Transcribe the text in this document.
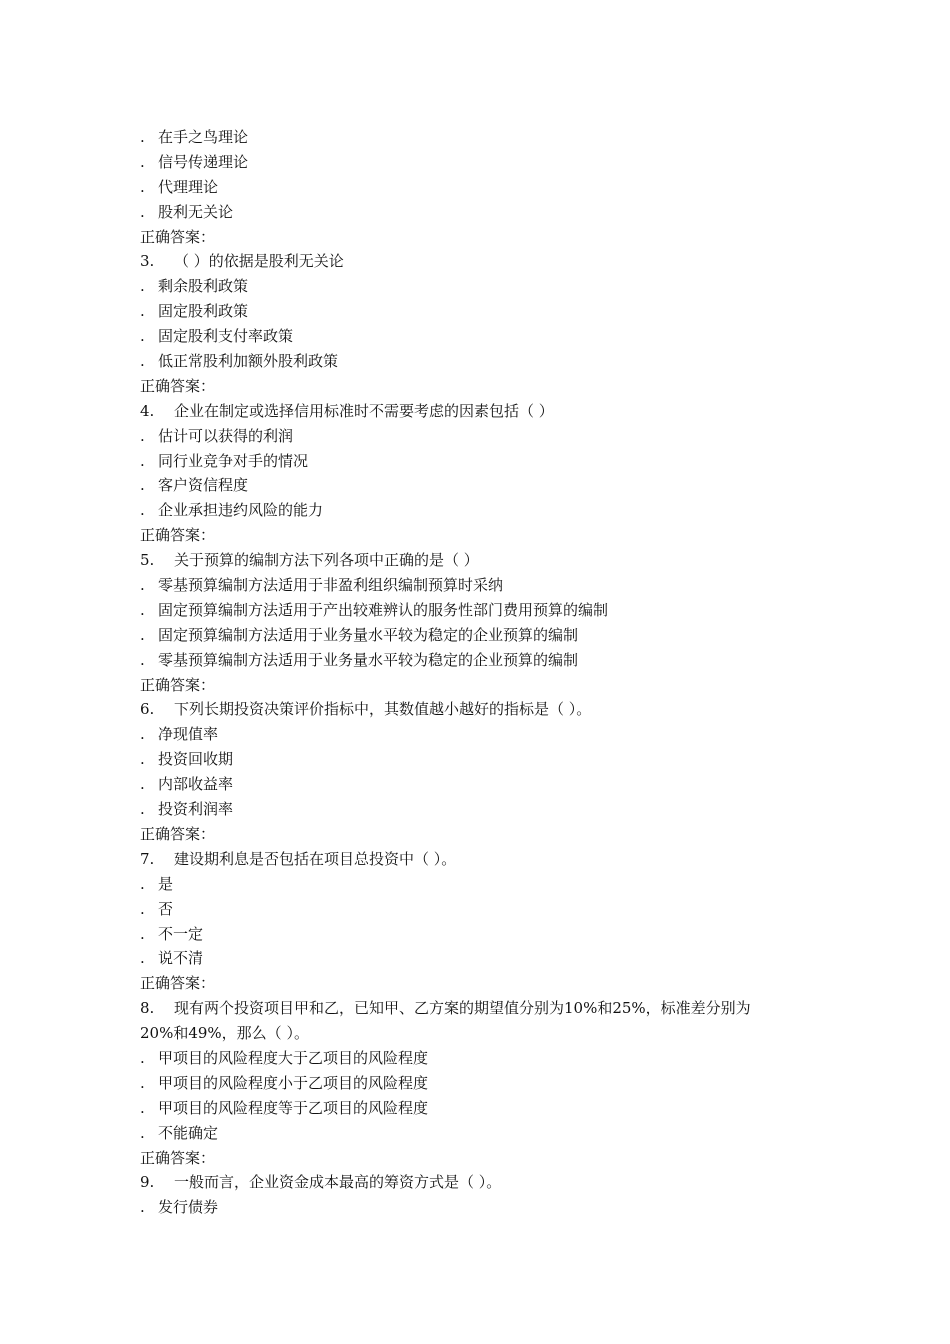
. 在手之鸟理论
. 信号传递理论
. 代理理论
. 股利无关论
正确答案：
3. （ ）的依据是股利无关论
. 剩余股利政策
. 固定股利政策
. 固定股利支付率政策
. 低正常股利加额外股利政策
正确答案：
4. 企业在制定或选择信用标准时不需要考虑的因素包括（ ）
. 估计可以获得的利润
. 同行业竞争对手的情况
. 客户资信程度
. 企业承担违约风险的能力
正确答案：
5. 关于预算的编制方法下列各项中正确的是（ ）
. 零基预算编制方法适用于非盈利组织编制预算时采纳
. 固定预算编制方法适用于产出较难辨认的服务性部门费用预算的编制
. 固定预算编制方法适用于业务量水平较为稳定的企业预算的编制
. 零基预算编制方法适用于业务量水平较为稳定的企业预算的编制
正确答案：
6. 下列长期投资决策评价指标中，其数值越小越好的指标是（ ）。
. 净现值率
. 投资回收期
. 内部收益率
. 投资利润率
正确答案：
7. 建设期利息是否包括在项目总投资中（ ）。
. 是
. 否
. 不一定
. 说不清
正确答案：
8. 现有两个投资项目甲和乙，已知甲、乙方案的期望值分别为10%和25%，标准差分别为
20%和49%，那么（ ）。
. 甲项目的风险程度大于乙项目的风险程度
. 甲项目的风险程度小于乙项目的风险程度
. 甲项目的风险程度等于乙项目的风险程度
. 不能确定
正确答案：
9. 一般而言，企业资金成本最高的筹资方式是（ ）。
. 发行债券
